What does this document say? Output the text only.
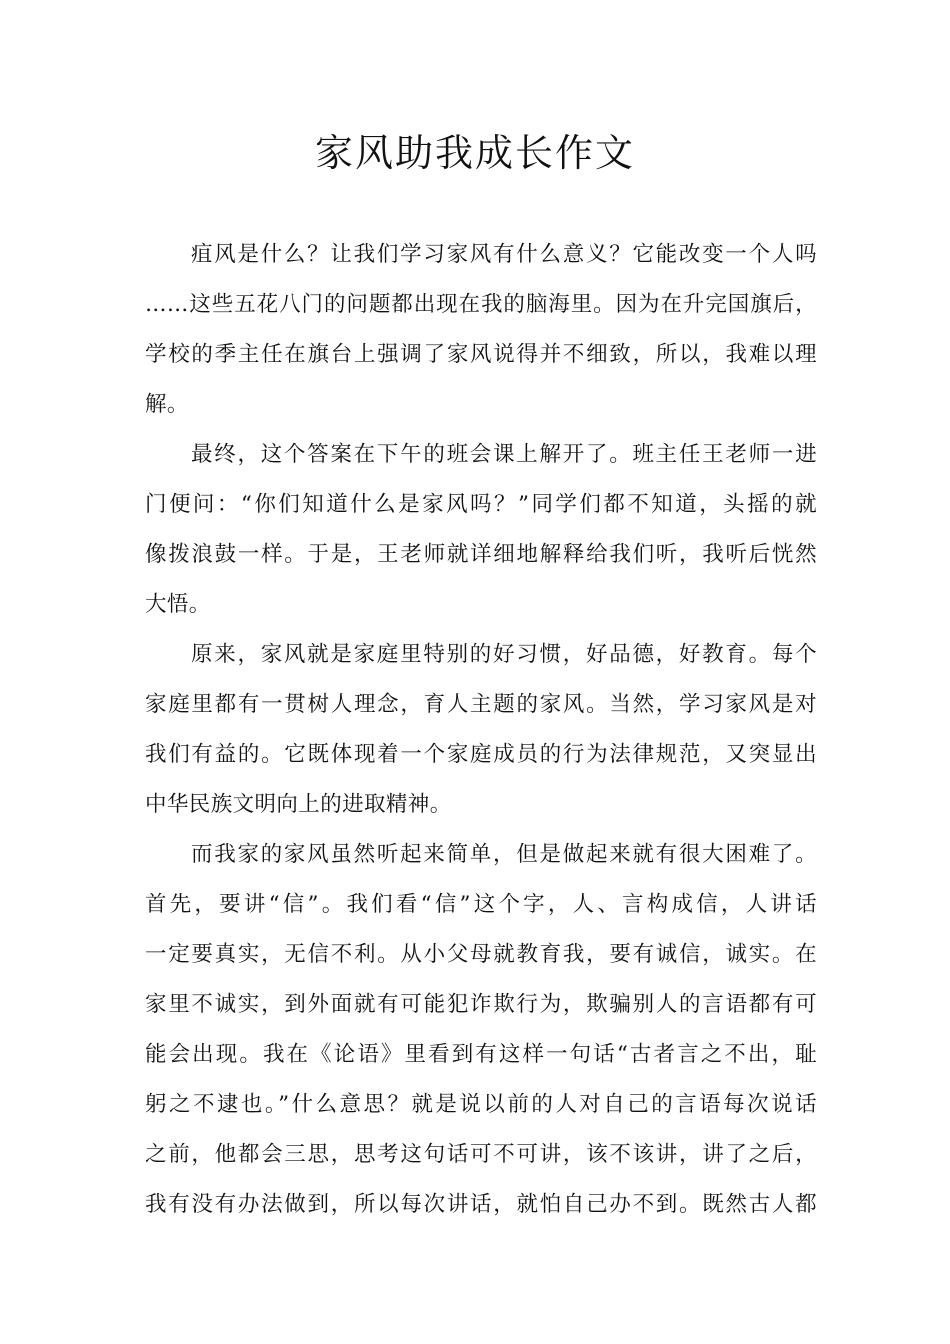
家风助我成长作文
疽风是什么？让我们学习家风有什么意义？它能改变一个人吗
……这些五花八门的问题都出现在我的脑海里。因为在升完国旗后，
学校的季主任在旗台上强调了家风说得并不细致，所以，我难以理
解。
最终，这个答案在下午的班会课上解开了。班主任王老师一进
门便问：“你们知道什么是家风吗？”同学们都不知道，头摇的就
像拨浪鼓一样。于是，王老师就详细地解释给我们听，我听后恍然
大悟。
原来，家风就是家庭里特别的好习惯，好品德，好教育。每个
家庭里都有一贯树人理念，育人主题的家风。当然，学习家风是对
我们有益的。它既体现着一个家庭成员的行为法律规范，又突显出
中华民族文明向上的进取精神。
而我家的家风虽然听起来简单，但是做起来就有很大困难了。
首先，要讲“信”。我们看“信”这个字，人、言构成信，人讲话
一定要真实，无信不利。从小父母就教育我，要有诚信，诚实。在
家里不诚实，到外面就有可能犯诈欺行为，欺骗别人的言语都有可
能会出现。我在《论语》里看到有这样一句话“古者言之不出，耻
躬之不逮也。”什么意思？就是说以前的人对自己的言语每次说话
之前，他都会三思，思考这句话可不可讲，该不该讲，讲了之后，
我有没有办法做到，所以每次讲话，就怕自己办不到。既然古人都
